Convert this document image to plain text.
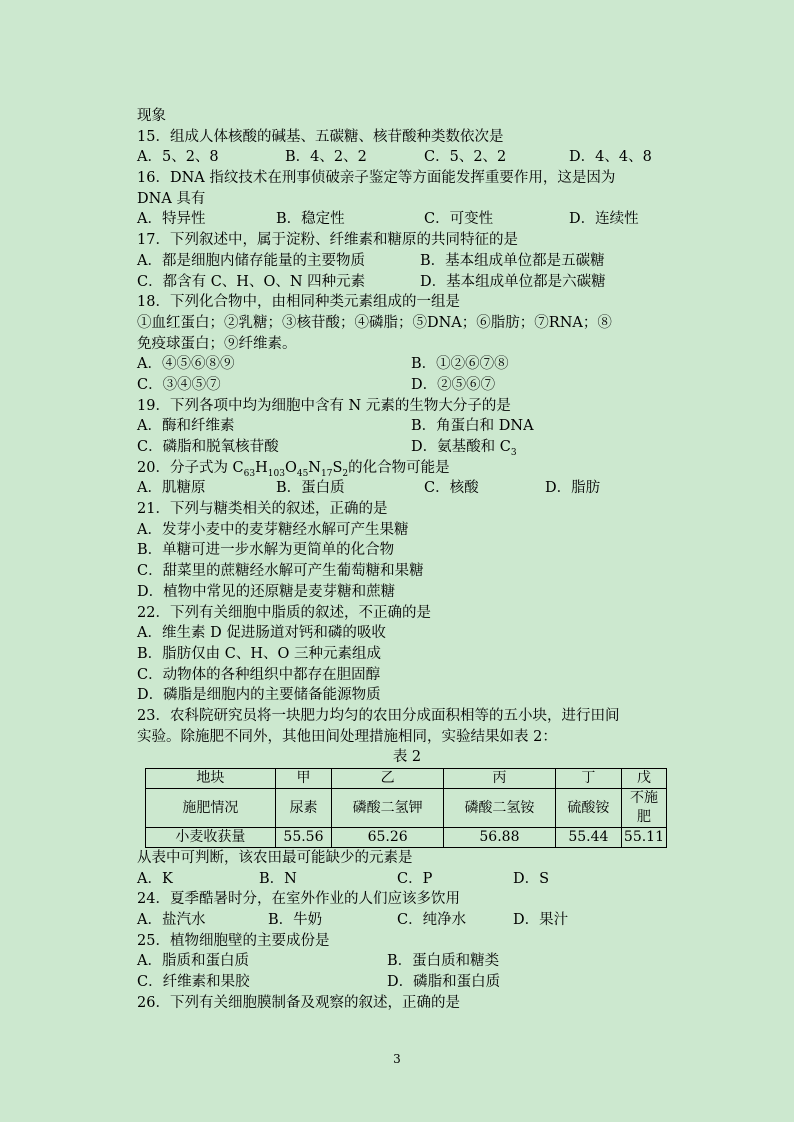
现象
15．组成人体核酸的碱基、五碳糖、核苷酸种类数依次是
A．5、2、8	B．4、2、2	C．5、2、2	D．4、4、8
16．DNA 指纹技术在刑事侦破亲子鉴定等方面能发挥重要作用，这是因为
DNA 具有
A．特异性	B．稳定性	C．可变性	D．连续性
17．下列叙述中，属于淀粉、纤维素和糖原的共同特征的是
A．都是细胞内储存能量的主要物质	B．基本组成单位都是五碳糖
C．都含有 C、H、O、N 四种元素	D．基本组成单位都是六碳糖
18．下列化合物中，由相同种类元素组成的一组是
①血红蛋白；②乳糖；③核苷酸；④磷脂；⑤DNA；⑥脂肪；⑦RNA；⑧
免疫球蛋白；⑨纤维素。
A．④⑤⑥⑧⑨	B．①②⑥⑦⑧
C．③④⑤⑦	D．②⑤⑥⑦
19．下列各项中均为细胞中含有 N 元素的生物大分子的是
A．酶和纤维素	B．角蛋白和 DNA
C．磷脂和脱氧核苷酸	D．氨基酸和 $C_3$
20．分子式为 $C_{63}H_{103}O_{45}N_{17}S_2$的化合物可能是
A．肌糖原	B．蛋白质	C．核酸	D．脂肪
21．下列与糖类相关的叙述，正确的是
A．发芽小麦中的麦芽糖经水解可产生果糖
B．单糖可进一步水解为更简单的化合物
C．甜菜里的蔗糖经水解可产生葡萄糖和果糖
D．植物中常见的还原糖是麦芽糖和蔗糖
22．下列有关细胞中脂质的叙述，不正确的是
A．维生素 D 促进肠道对钙和磷的吸收
B．脂肪仅由 C、H、O 三种元素组成
C．动物体的各种组织中都存在胆固醇
D．磷脂是细胞内的主要储备能源物质
23．农科院研究员将一块肥力均匀的农田分成面积相等的五小块，进行田间
实验。除施肥不同外，其他田间处理措施相同，实验结果如表 2：
表 2
地块	甲	乙	丙	丁	戊
施肥情况	尿素	磷酸二氢钾	磷酸二氢铵	硫酸铵	不施肥
小麦收获量	55.56	65.26	56.88	55.44	55.11
从表中可判断，该农田最可能缺少的元素是
A．K	B．N	C．P	D．S
24．夏季酷暑时分，在室外作业的人们应该多饮用
A．盐汽水	B．牛奶	C．纯净水	D．果汁
25．植物细胞壁的主要成份是
A．脂质和蛋白质	B．蛋白质和糖类
C．纤维素和果胶	D．磷脂和蛋白质
26．下列有关细胞膜制备及观察的叙述，正确的是
3
